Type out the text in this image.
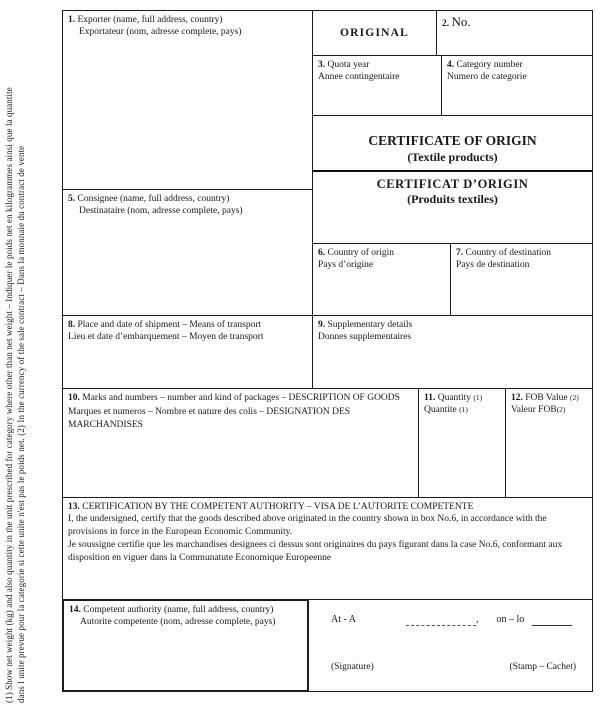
(1) Show net weight (kg) and also quantity in the unit prescribed for category where other than net weight – Indiquer le poids net en kilogrammes ainsi que la quantite dans l unite prevue pour la categorie si cette unite n'est pas le poids net. (2) In the currency of the sale contract – Dans la monnaie du contract de vente
1. Exporter (name, full address, country)
Exportateur (nom, adresse complete, pays)	ORIGINAL
2. No.
3. Quota year
Annee contingentaire
4. Category number
Numero de categorie
CERTIFICATE OF ORIGIN
(Textile products)
CERTIFICAT D’ORIGIN
(Produits textiles)
5. Consignee (name, full address, country)
Destinataire (nom, adresse complete, pays)
6. Country of origin
Pays d’origine
7. Country of destination
Pays de destination
8. Place and date of shipment – Means of transport
Lieu et date d’embarquement – Moyen de transport
9. Supplementary details
Donnes supplementaires
10. Marks and numbers – number and kind of packages – DESCRIPTION OF GOODS
Marques et numeros – Nombre et nature des colis – DESIGNATION DES MARCHANDISES
11. Quantity (1)
Quantite (1)
12. FOB Value (2)
Valeur FOB(2)
13. CERTIFICATION BY THE COMPETENT AUTHORITY – VISA DE L’AUTORITE COMPETENTE
I, the undersigned, certify that the goods described above originated in the country shown in box No.6, in accordance with the provisions in force in the European Economic Community.
Je soussigne certifie que les marchandises designees ci dessus sont originaires du pays figurant dans la case No.6, conformant aux disposition en viguer dans la Communatute Economique Europeenne
14. Competent authority (name, full address, country)
Autorite competente (nom, adresse complete, pays)	At - A	, on – lo
(Signature)	(Stamp – Cachet)
